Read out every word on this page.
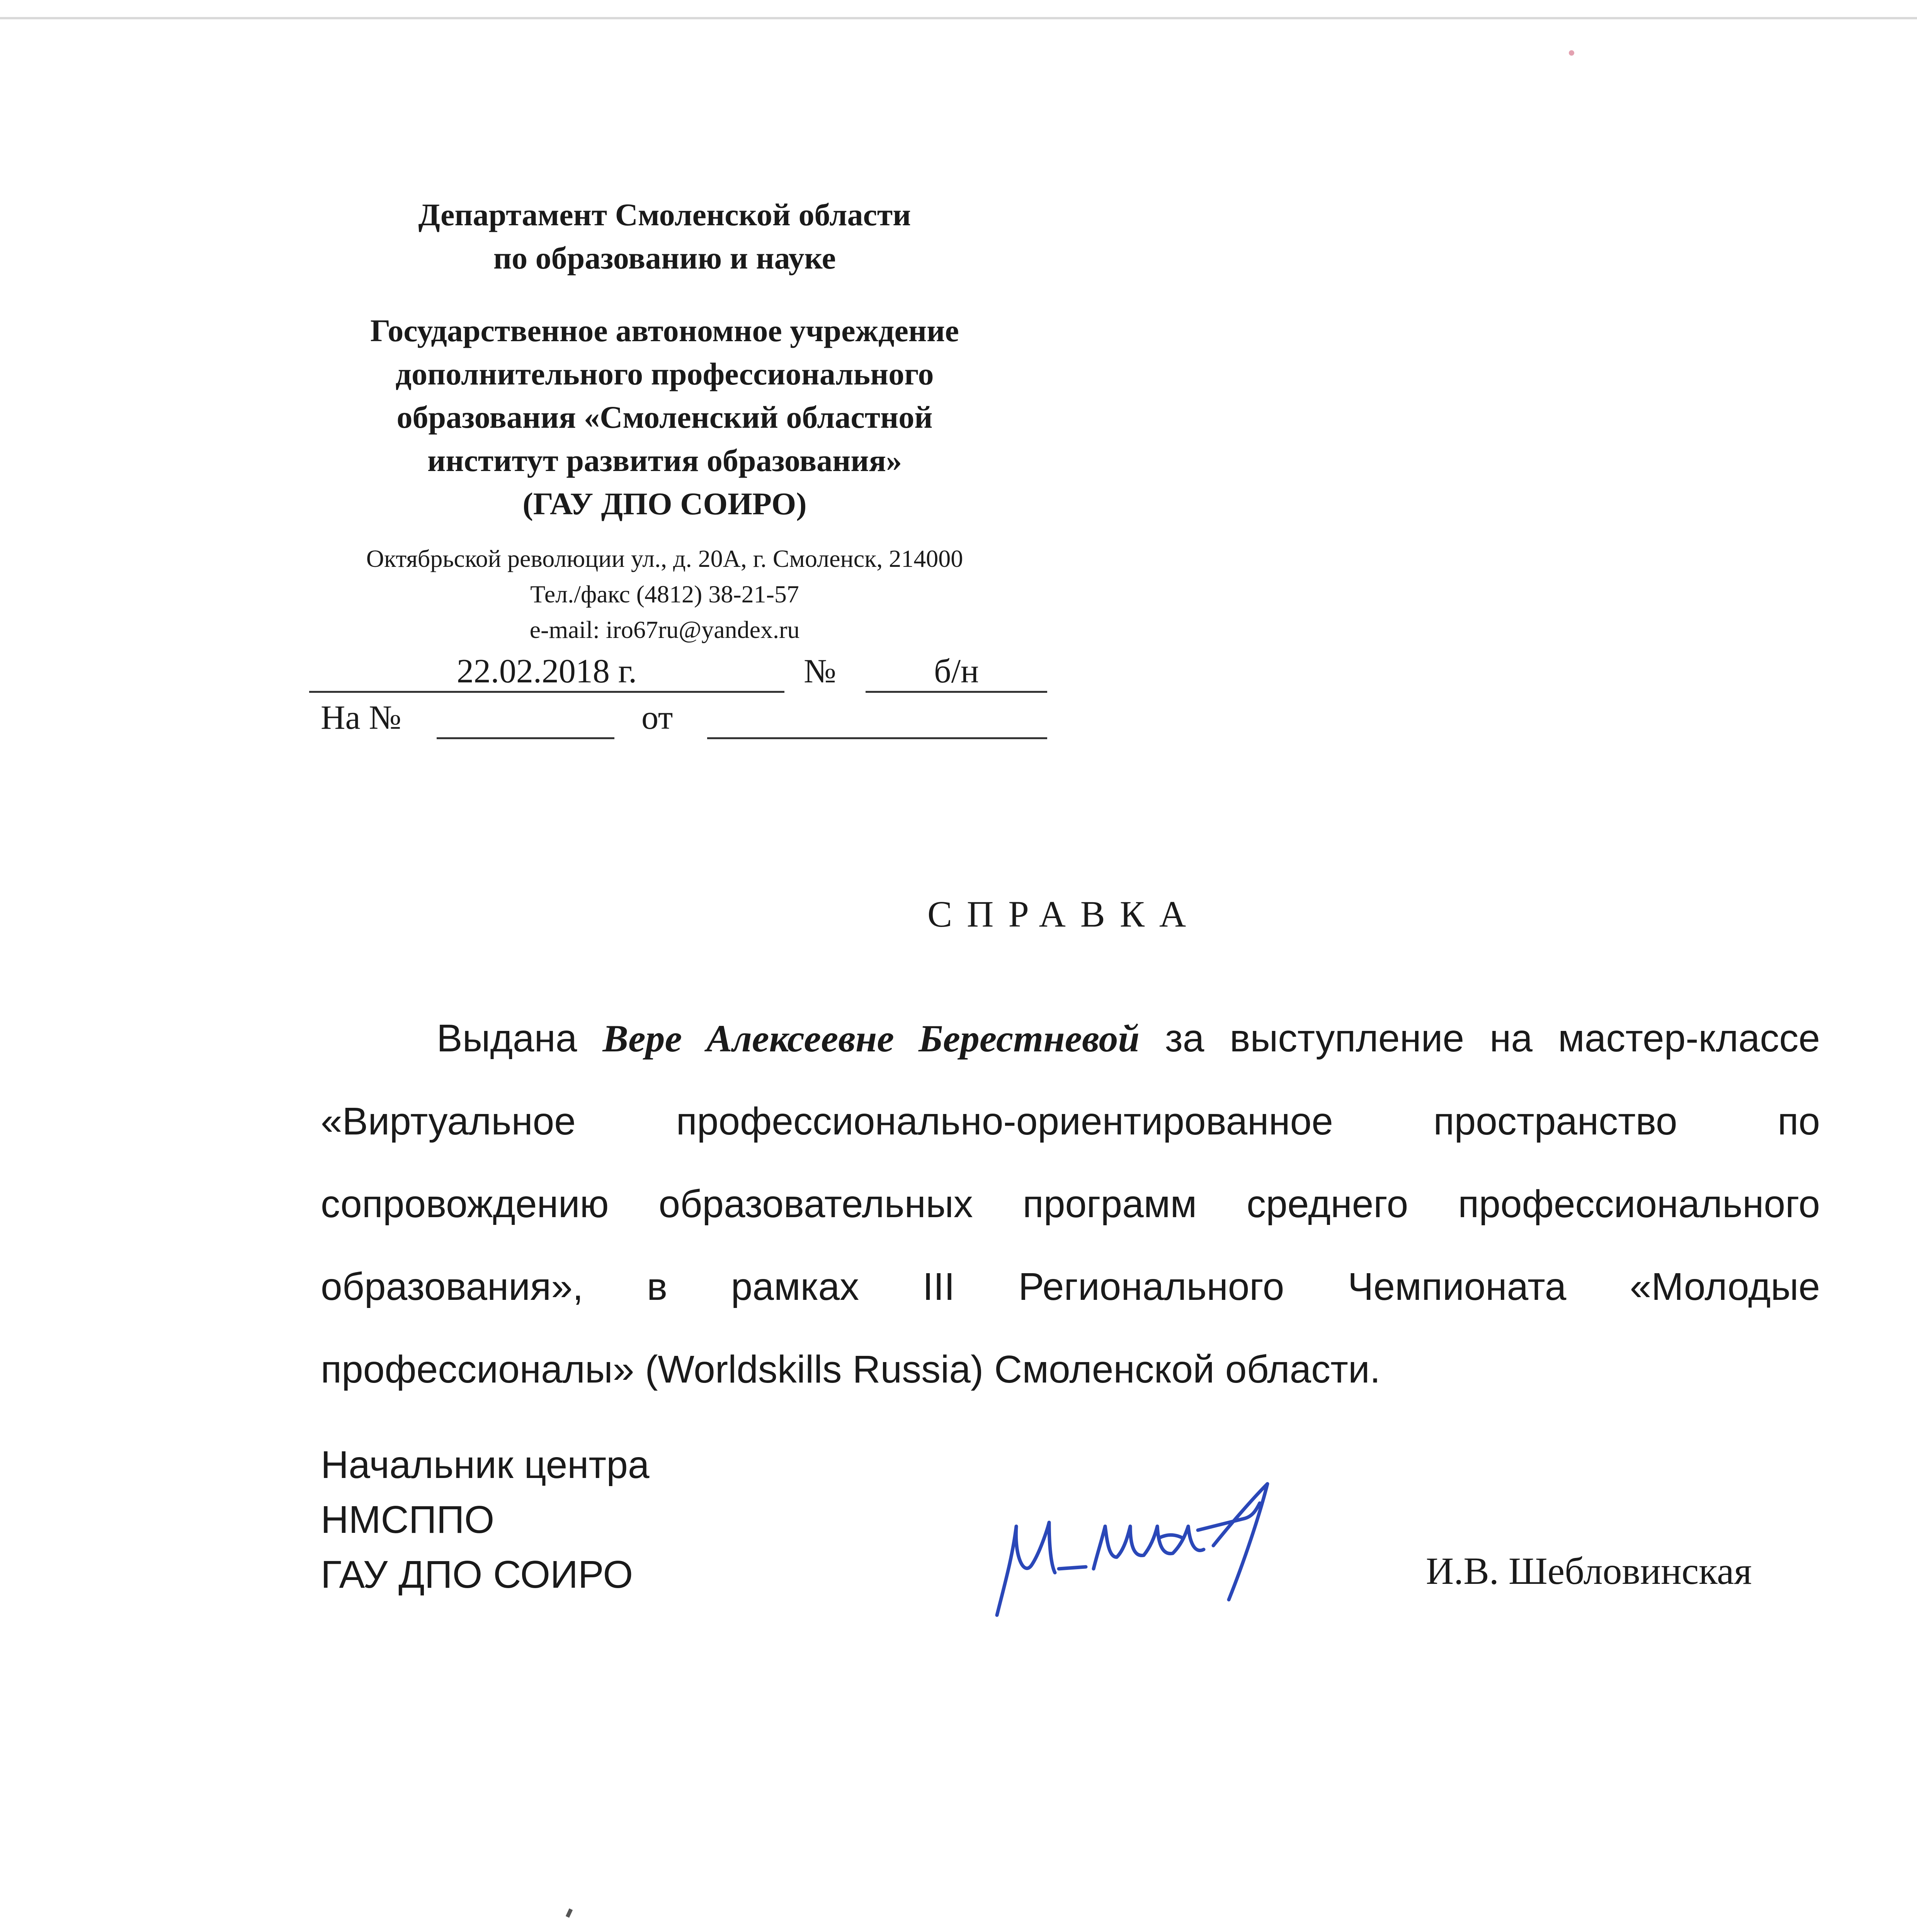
Департамент Смоленской области
по образованию и науке
Государственное автономное учреждение
дополнительного профессионального
образования «Смоленский областной
институт развития образования»
(ГАУ ДПО СОИРО)
Октябрьской революции ул., д. 20А, г. Смоленск, 214000
Тел./факс (4812) 38-21-57
e-mail: iro67ru@yandex.ru
22.02.2018 г.	№	б/н
На №	от
СПРАВКА

Выдана Вере Алексеевне Берестневой за выступление на мастер-классе «Виртуальное профессионально-ориентированное пространство по сопровождению образовательных программ среднего профессионального образования», в рамках III Регионального Чемпионата «Молодые профессионалы» (Worldskills Russia) Смоленской области.

Начальник центра
НМСППО
ГАУ ДПО СОИРО	И.В. Шебловинская
